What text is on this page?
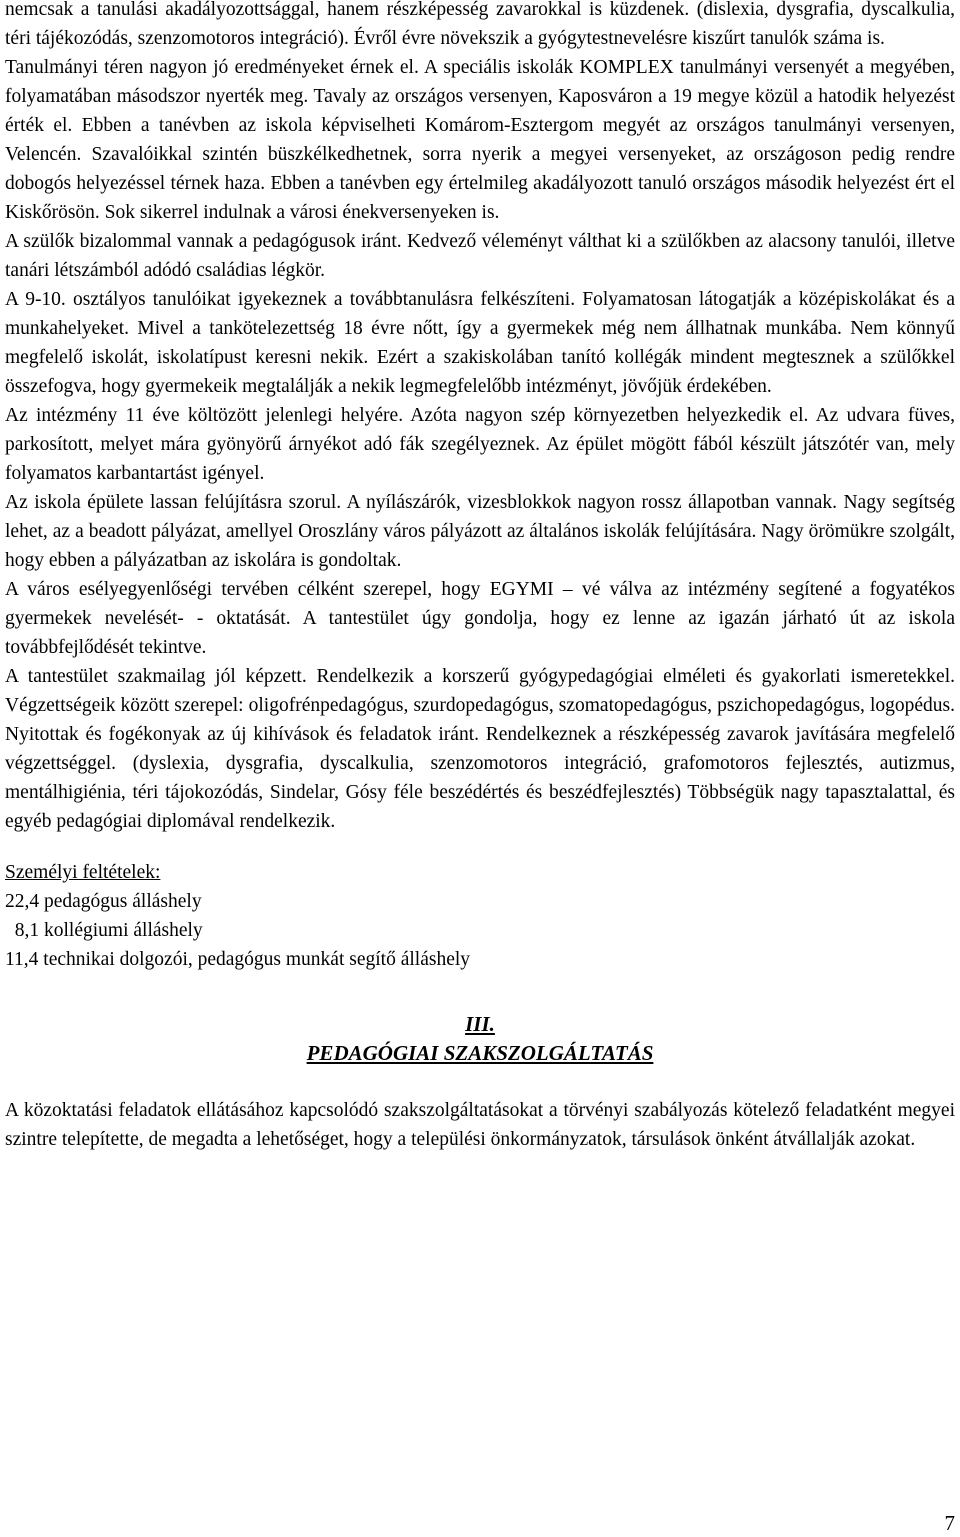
nemcsak a tanulási akadályozottsággal, hanem részképesség zavarokkal is küzdenek. (dislexia, dysgrafia, dyscalkulia, téri tájékozódás, szenzomotoros integráció). Évről évre növekszik a gyógytestnevelésre kiszűrt tanulók száma is.

Tanulmányi téren nagyon jó eredményeket érnek el. A speciális iskolák KOMPLEX tanulmányi versenyét a megyében, folyamatában másodszor nyerték meg. Tavaly az országos versenyen, Kaposváron a 19 megye közül a hatodik helyezést érték el. Ebben a tanévben az iskola képviselheti Komárom-Esztergom megyét az országos tanulmányi versenyen, Velencén. Szavalóikkal szintén büszkélkedhetnek, sorra nyerik a megyei versenyeket, az országoson pedig rendre dobogós helyezéssel térnek haza. Ebben a tanévben egy értelmileg akadályozott tanuló országos második helyezést ért el Kiskőrösön. Sok sikerrel indulnak a városi énekversenyeken is.

A szülők bizalommal vannak a pedagógusok iránt. Kedvező véleményt válthat ki a szülőkben az alacsony tanulói, illetve tanári létszámból adódó családias légkör.

A 9-10. osztályos tanulóikat igyekeznek a továbbtanulásra felkészíteni. Folyamatosan látogatják a középiskolákat és a munkahelyeket. Mivel a tankötelezettség 18 évre nőtt, így a gyermekek még nem állhatnak munkába. Nem könnyű megfelelő iskolát, iskolatípust keresni nekik. Ezért a szakiskolában tanító kollégák mindent megtesznek a szülőkkel összefogva, hogy gyermekeik megtalálják a nekik legmegfelelőbb intézményt, jövőjük érdekében.

Az intézmény 11 éve költözött jelenlegi helyére. Azóta nagyon szép környezetben helyezkedik el. Az udvara füves, parkosított, melyet mára gyönyörű árnyékot adó fák szegélyeznek. Az épület mögött fából készült játszótér van, mely folyamatos karbantartást igényel.

Az iskola épülete lassan felújításra szorul. A nyílászárók, vizesblokkok nagyon rossz állapotban vannak. Nagy segítség lehet, az a beadott pályázat, amellyel Oroszlány város pályázott az általános iskolák felújítására. Nagy örömükre szolgált, hogy ebben a pályázatban az iskolára is gondoltak.

A város esélyegyenlőségi tervében célként szerepel, hogy EGYMI – vé válva az intézmény segítené a fogyatékos gyermekek nevelését- - oktatását. A tantestület úgy gondolja, hogy ez lenne az igazán járható út az iskola továbbfejlődését tekintve.

A tantestület szakmailag jól képzett. Rendelkezik a korszerű gyógypedagógiai elméleti és gyakorlati ismeretekkel. Végzettségeik között szerepel: oligofrénpedagógus, szurdopedagógus, szomatopedagógus, pszichopedagógus, logopédus. Nyitottak és fogékonyak az új kihívások és feladatok iránt. Rendelkeznek a részképesség zavarok javítására megfelelő végzettséggel. (dyslexia, dysgrafia, dyscalkulia, szenzomotoros integráció, grafomotoros fejlesztés, autizmus, mentálhigiénia, téri tájokozódás, Sindelar, Gósy féle beszédértés és beszédfejlesztés) Többségük nagy tapasztalattal, és egyéb pedagógiai diplomával rendelkezik.

Személyi feltételek:
22,4 pedagógus álláshely
8,1 kollégiumi álláshely
11,4 technikai dolgozói, pedagógus munkát segítő álláshely
III.
PEDAGÓGIAI SZAKSZOLGÁLTATÁS

A közoktatási feladatok ellátásához kapcsolódó szakszolgáltatásokat a törvényi szabályozás kötelező feladatként megyei szintre telepítette, de megadta a lehetőséget, hogy a települési önkormányzatok, társulások önként átvállalják azokat.

7
